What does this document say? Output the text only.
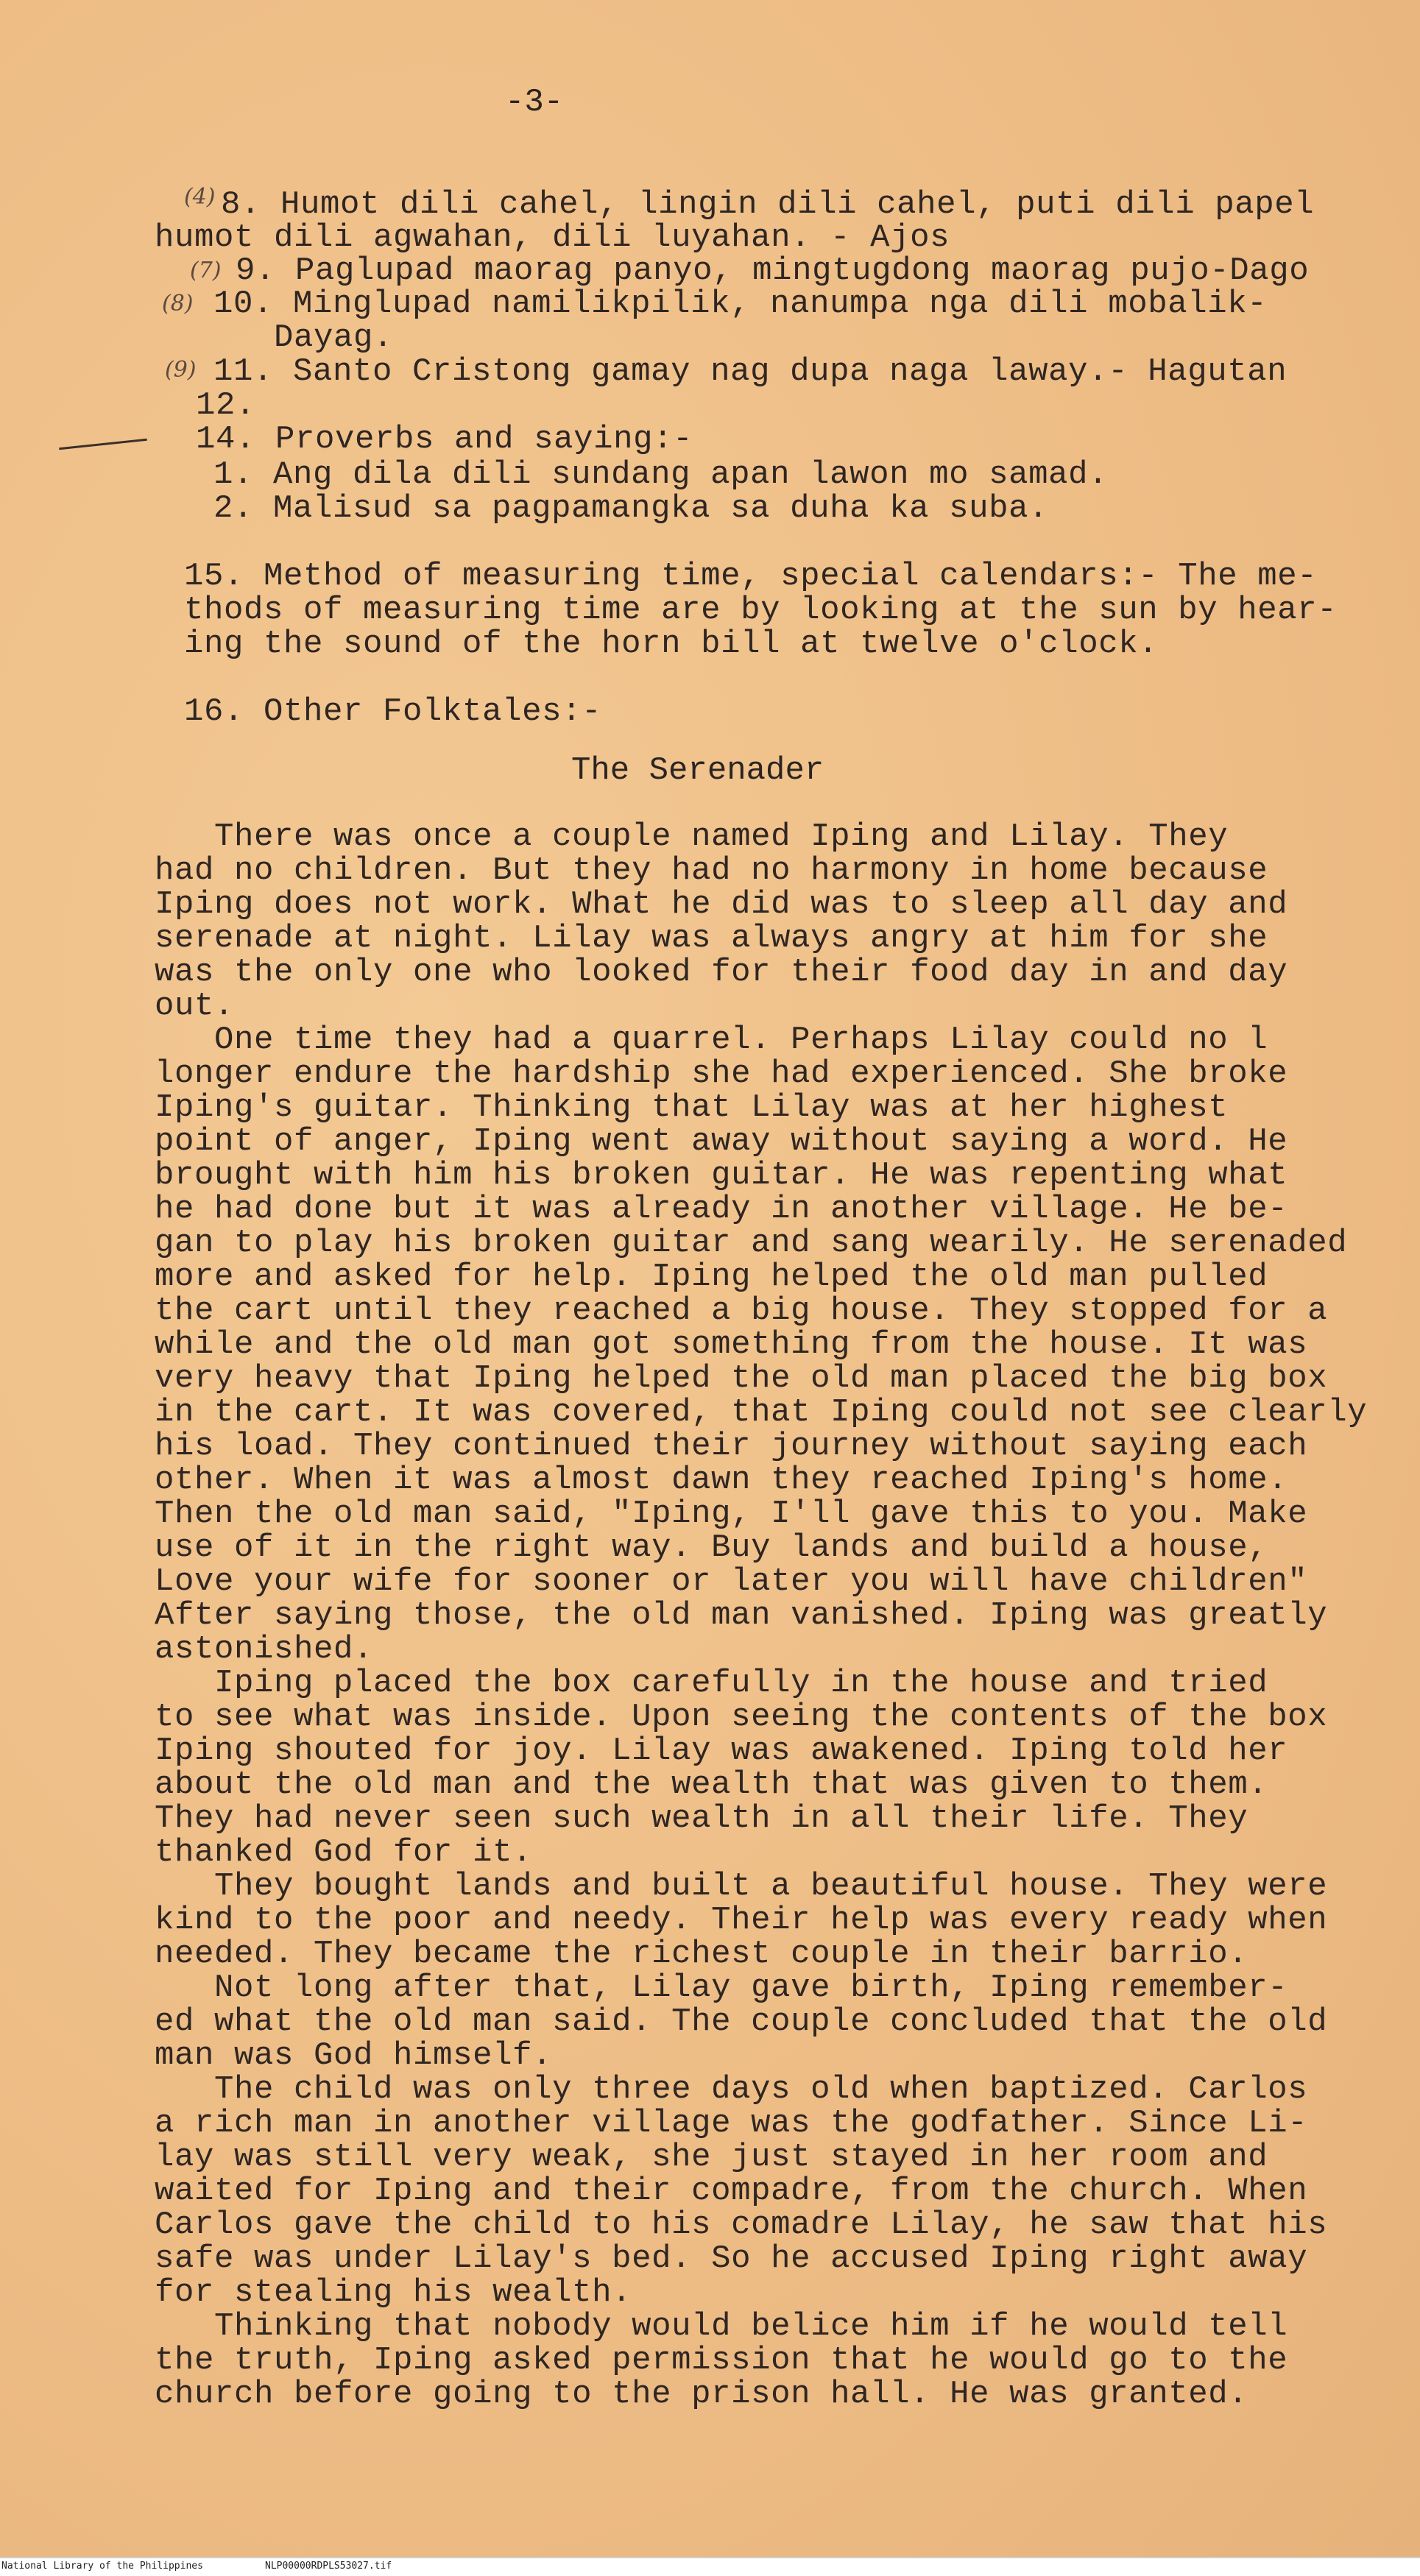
-3-
(4)
(7)
(8)
(9)
8. Humot dili cahel, lingin dili cahel, puti dili papel
humot dili agwahan, dili luyahan. - Ajos
9. Paglupad maorag panyo, mingtugdong maorag pujo-Dago
10. Minglupad namilikpilik, nanumpa nga dili mobalik-
Dayag.
11. Santo Cristong gamay nag dupa naga laway.- Hagutan
12.
14. Proverbs and saying:-
1. Ang dila dili sundang apan lawon mo samad.
2. Malisud sa pagpamangka sa duha ka suba.
15. Method of measuring time, special calendars:- The me-
thods of measuring time are by looking at the sun by hear-
ing the sound of the horn bill at twelve o'clock.
16. Other Folktales:-
The Serenader
There was once a couple named Iping and Lilay. They
had no children. But they had no harmony in home because
Iping does not work. What he did was to sleep all day and
serenade at night. Lilay was always angry at him for she
was the only one who looked for their food day in and day
out.
One time they had a quarrel. Perhaps Lilay could no l
longer endure the hardship she had experienced. She broke
Iping's guitar. Thinking that Lilay was at her highest
point of anger, Iping went away without saying a word. He
brought with him his broken guitar. He was repenting what
he had done but it was already in another village. He be-
gan to play his broken guitar and sang wearily. He serenaded
more and asked for help. Iping helped the old man pulled
the cart until they reached a big house. They stopped for a
while and the old man got something from the house. It was
very heavy that Iping helped the old man placed the big box
in the cart. It was covered, that Iping could not see clearly
his load. They continued their journey without saying each
other. When it was almost dawn they reached Iping's home.
Then the old man said, "Iping, I'll gave this to you. Make
use of it in the right way. Buy lands and build a house,
Love your wife for sooner or later you will have children"
After saying those, the old man vanished. Iping was greatly
astonished.
Iping placed the box carefully in the house and tried
to see what was inside. Upon seeing the contents of the box
Iping shouted for joy. Lilay was awakened. Iping told her
about the old man and the wealth that was given to them.
They had never seen such wealth in all their life. They
thanked God for it.
They bought lands and built a beautiful house. They were
kind to the poor and needy. Their help was every ready when
needed. They became the richest couple in their barrio.
Not long after that, Lilay gave birth, Iping remember-
ed what the old man said. The couple concluded that the old
man was God himself.
The child was only three days old when baptized. Carlos
a rich man in another village was the godfather. Since Li-
lay was still very weak, she just stayed in her room and
waited for Iping and their compadre, from the church. When
Carlos gave the child to his comadre Lilay, he saw that his
safe was under Lilay's bed. So he accused Iping right away
for stealing his wealth.
Thinking that nobody would belice him if he would tell
the truth, Iping asked permission that he would go to the
church before going to the prison hall. He was granted.
National Library of the Philippines	NLP00000RDPLS53027.tif
